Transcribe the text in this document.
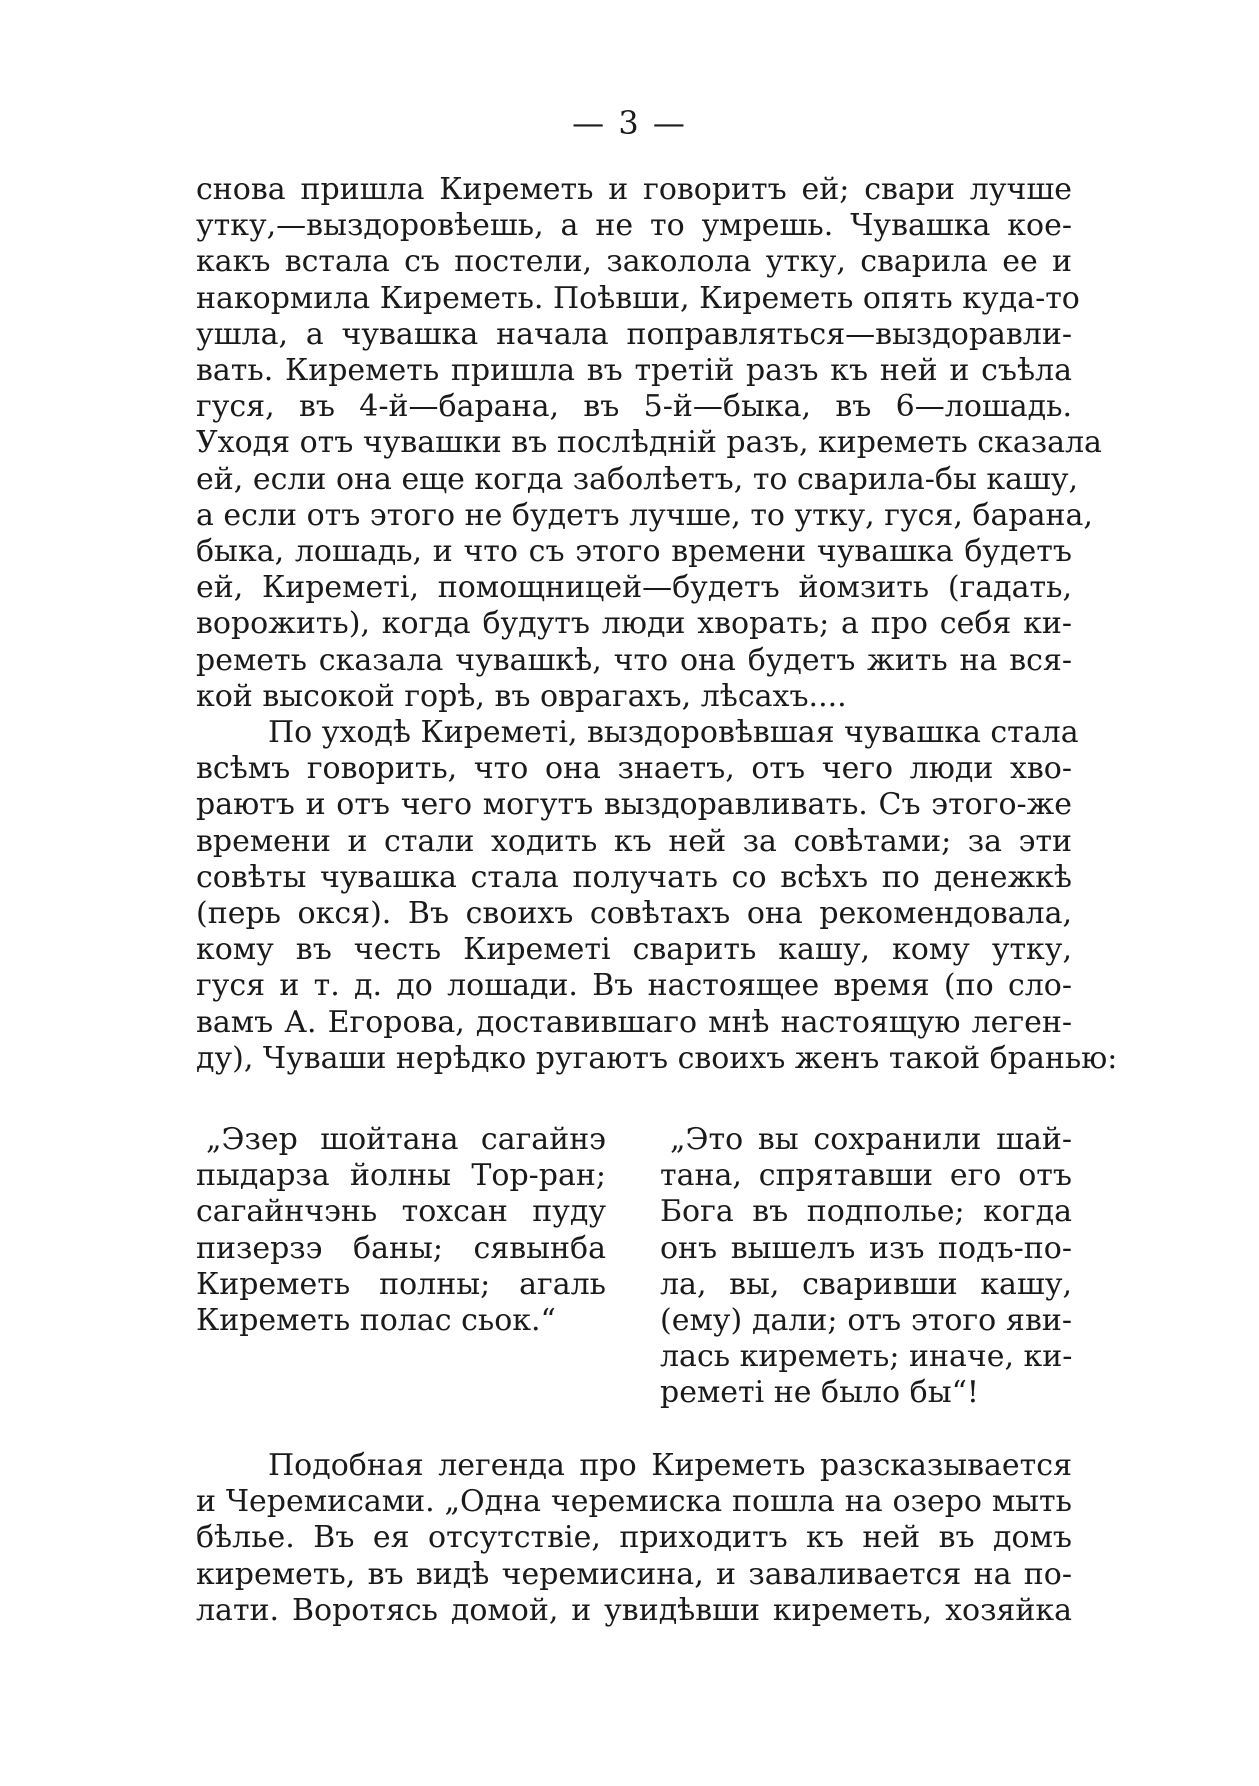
— 3 —
снова пришла Киреметь и говоритъ ей; свари лучше
утку,—выздоровѣешь, а не то умрешь. Чувашка кое-
какъ встала съ постели, заколола утку, сварила ее и
накормила Киреметь. Поѣвши, Киреметь опять куда-то
ушла, а чувашка начала поправляться—выздоравли-
вать. Киреметь пришла въ третій разъ къ ней и съѣла
гуся, въ 4-й—барана, въ 5-й—быка, въ 6—лошадь.
Уходя отъ чувашки въ послѣдній разъ, киреметь сказала
ей, если она еще когда заболѣетъ, то сварила-бы кашу,
а если отъ этого не будетъ лучше, то утку, гуся, барана,
быка, лошадь, и что съ этого времени чувашка будетъ
ей, Киреметі, помощницей—будетъ йомзить (гадать,
ворожить), когда будутъ люди хворать; а про себя ки-
реметь сказала чувашкѣ, что она будетъ жить на вся-
кой высокой горѣ, въ оврагахъ, лѣсахъ....
По уходѣ Киреметі, выздоровѣвшая чувашка стала
всѣмъ говорить, что она знаетъ, отъ чего люди хво-
раютъ и отъ чего могутъ выздоравливать. Съ этого-же
времени и стали ходить къ ней за совѣтами; за эти
совѣты чувашка стала получать со всѣхъ по денежкѣ
(перь окся). Въ своихъ совѣтахъ она рекомендовала,
кому въ честь Киреметі сварить кашу, кому утку,
гуся и т. д. до лошади. Въ настоящее время (по сло-
вамъ А. Егорова, доставившаго мнѣ настоящую леген-
ду), Чуваши нерѣдко ругаютъ своихъ женъ такой бранью:
„Эзер шойтана сагайнэ
пыдарза йолны Тор-ран;
сагайнчэнь тохсан пуду
пизерзэ баны; сявынба
Киреметь полны; агаль
Киреметь полас сьок.“
„Это вы сохранили шай-
тана, спрятавши его отъ
Бога въ подполье; когда
онъ вышелъ изъ подъ-по-
ла, вы, сваривши кашу,
(ему) дали; отъ этого яви-
лась киреметь; иначе, ки-
реметі не было бы“!
Подобная легенда про Киреметь разсказывается
и Черемисами. „Одна черемиска пошла на озеро мыть
бѣлье. Въ ея отсутствіе, приходитъ къ ней въ домъ
киреметь, въ видѣ черемисина, и заваливается на по-
лати. Воротясь домой, и увидѣвши киреметь, хозяйка
